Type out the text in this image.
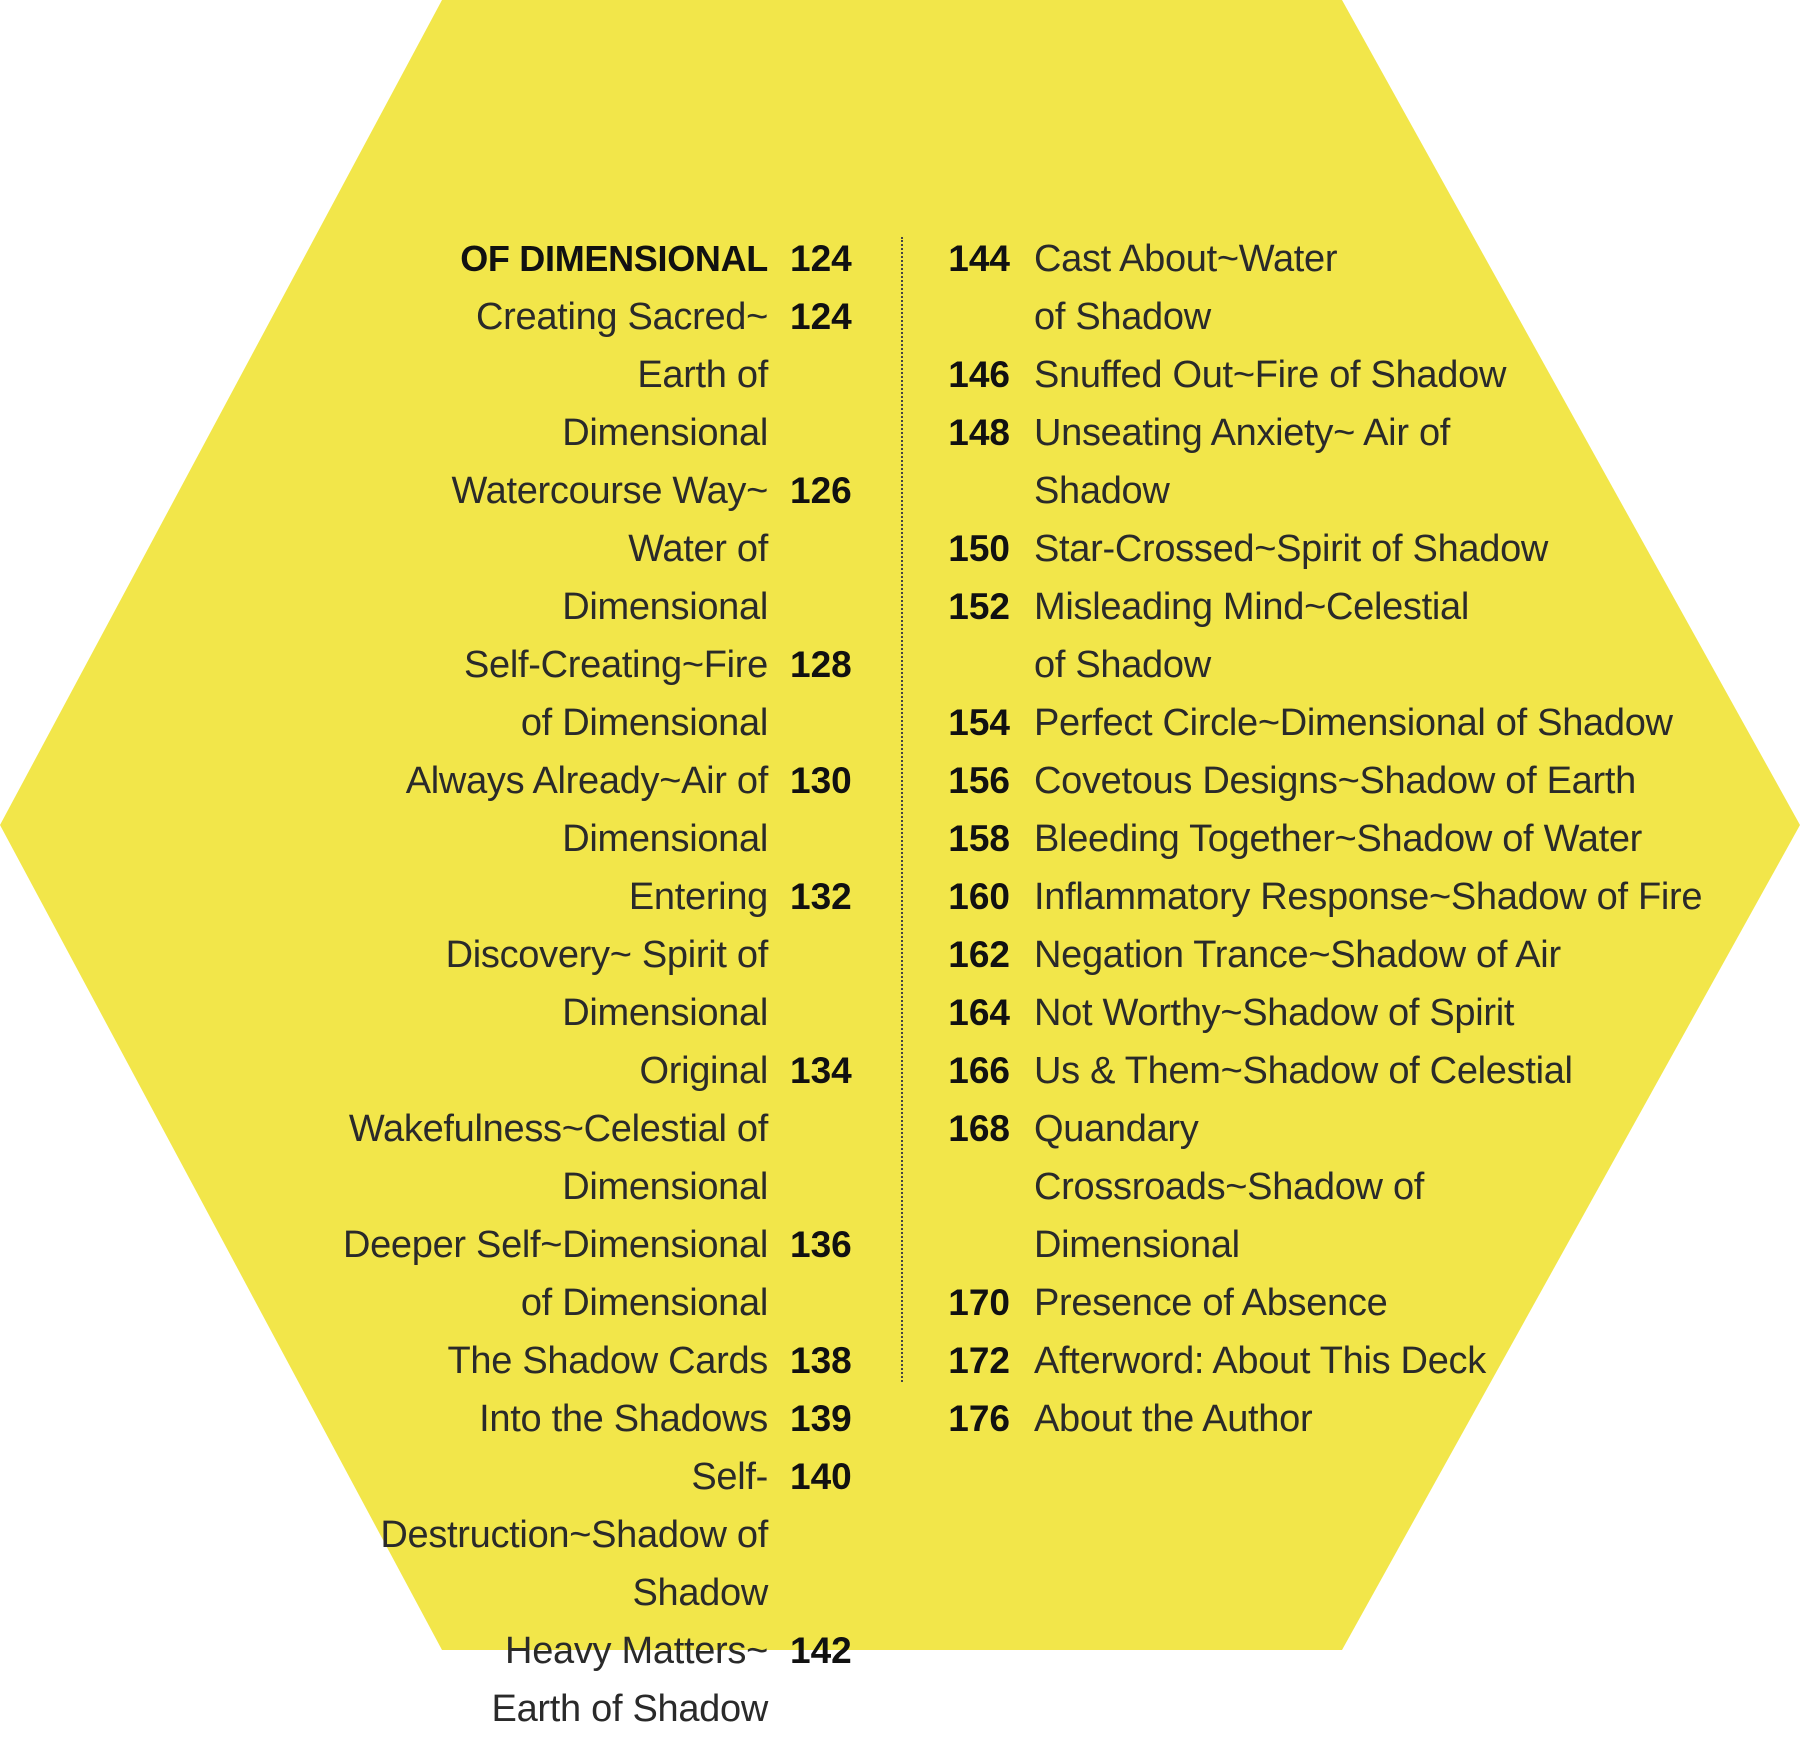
OF DIMENSIONAL 124
Creating Sacred~ Earth of Dimensional
124
Watercourse Way~ Water of Dimensional
126
Self-Creating~Fire of Dimensional
128
Always Already~Air of Dimensional
130
Entering Discovery~ Spirit of Dimensional
132
Original Wakefulness~Celestial of Dimensional
134
Deeper Self~Dimensional of Dimensional
136
The Shadow Cards 138
Into the Shadows 139
Self-Destruction~Shadow of Shadow
140
Heavy Matters~ Earth of Shadow
142
144 Cast About~Water of Shadow
146 Snuffed Out~Fire of Shadow
148 Unseating Anxiety~ Air of Shadow
150 Star-Crossed~Spirit of Shadow
152 Misleading Mind~Celestial of Shadow
154 Perfect Circle~Dimensional of Shadow
156 Covetous Designs~Shadow of Earth
158 Bleeding Together~Shadow of Water
160 Inflammatory Response~Shadow of Fire
162 Negation Trance~Shadow of Air
164 Not Worthy~Shadow of Spirit
166 Us & Them~Shadow of Celestial
168 Quandary Crossroads~Shadow of Dimensional
170 Presence of Absence
172 Afterword: About This Deck
176 About the Author
